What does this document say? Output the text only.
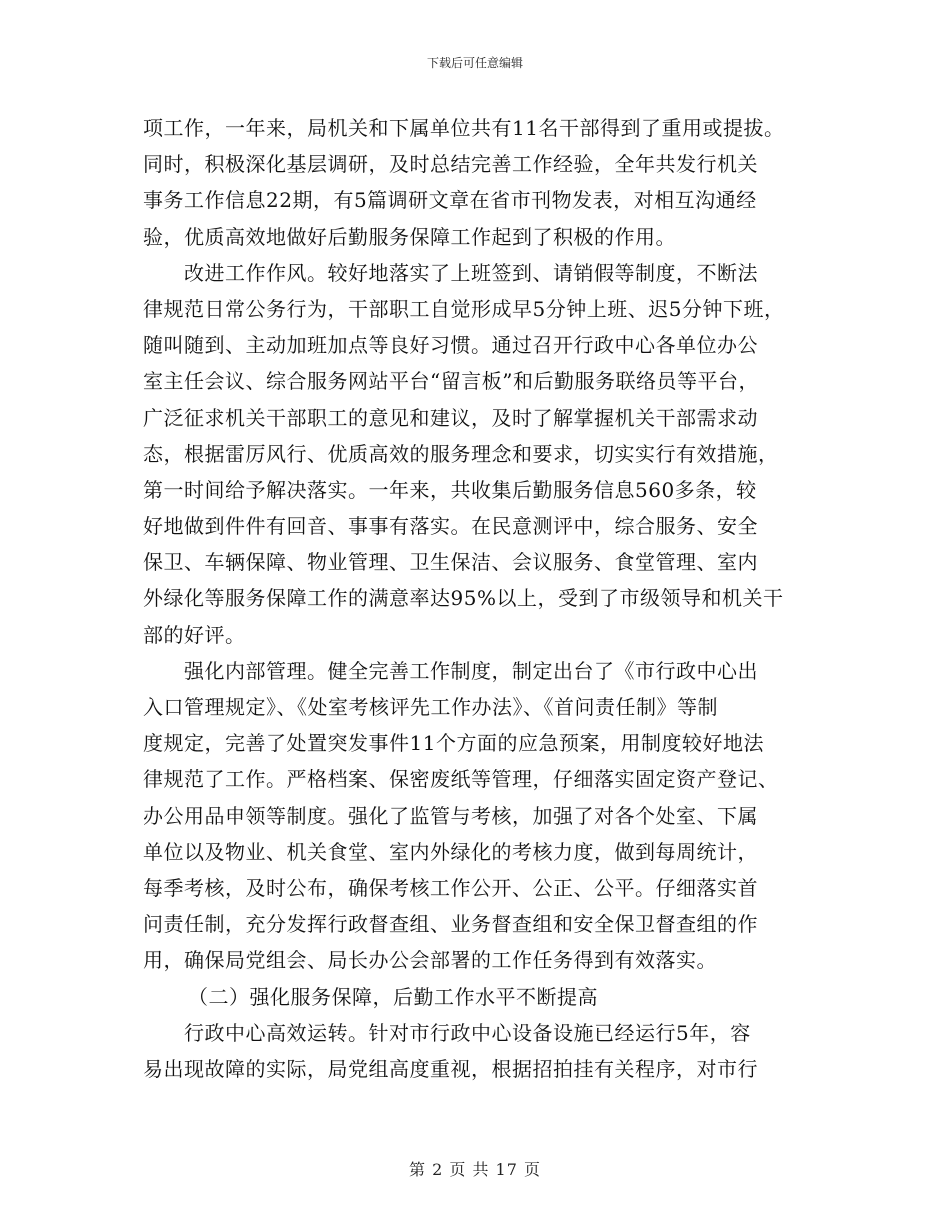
下载后可任意编辑
项工作，一年来，局机关和下属单位共有11名干部得到了重用或提拔。
同时，积极深化基层调研，及时总结完善工作经验，全年共发行机关
事务工作信息22期，有5篇调研文章在省市刊物发表，对相互沟通经
验，优质高效地做好后勤服务保障工作起到了积极的作用。
改进工作作风。较好地落实了上班签到、请销假等制度，不断法
律规范日常公务行为，干部职工自觉形成早5分钟上班、迟5分钟下班，
随叫随到、主动加班加点等良好习惯。通过召开行政中心各单位办公
室主任会议、综合服务网站平台“留言板”和后勤服务联络员等平台，
广泛征求机关干部职工的意见和建议，及时了解掌握机关干部需求动
态，根据雷厉风行、优质高效的服务理念和要求，切实实行有效措施，
第一时间给予解决落实。一年来，共收集后勤服务信息560多条，较
好地做到件件有回音、事事有落实。在民意测评中，综合服务、安全
保卫、车辆保障、物业管理、卫生保洁、会议服务、食堂管理、室内
外绿化等服务保障工作的满意率达95%以上，受到了市级领导和机关干
部的好评。
强化内部管理。健全完善工作制度，制定出台了《市行政中心出
入口管理规定》、《处室考核评先工作办法》、《首问责任制》等制
度规定，完善了处置突发事件11个方面的应急预案，用制度较好地法
律规范了工作。严格档案、保密废纸等管理，仔细落实固定资产登记、
办公用品申领等制度。强化了监管与考核，加强了对各个处室、下属
单位以及物业、机关食堂、室内外绿化的考核力度，做到每周统计，
每季考核，及时公布，确保考核工作公开、公正、公平。仔细落实首
问责任制，充分发挥行政督查组、业务督查组和安全保卫督查组的作
用，确保局党组会、局长办公会部署的工作任务得到有效落实。
（二）强化服务保障，后勤工作水平不断提高
行政中心高效运转。针对市行政中心设备设施已经运行5年，容
易出现故障的实际，局党组高度重视，根据招拍挂有关程序，对市行
第 2 页 共 17 页
